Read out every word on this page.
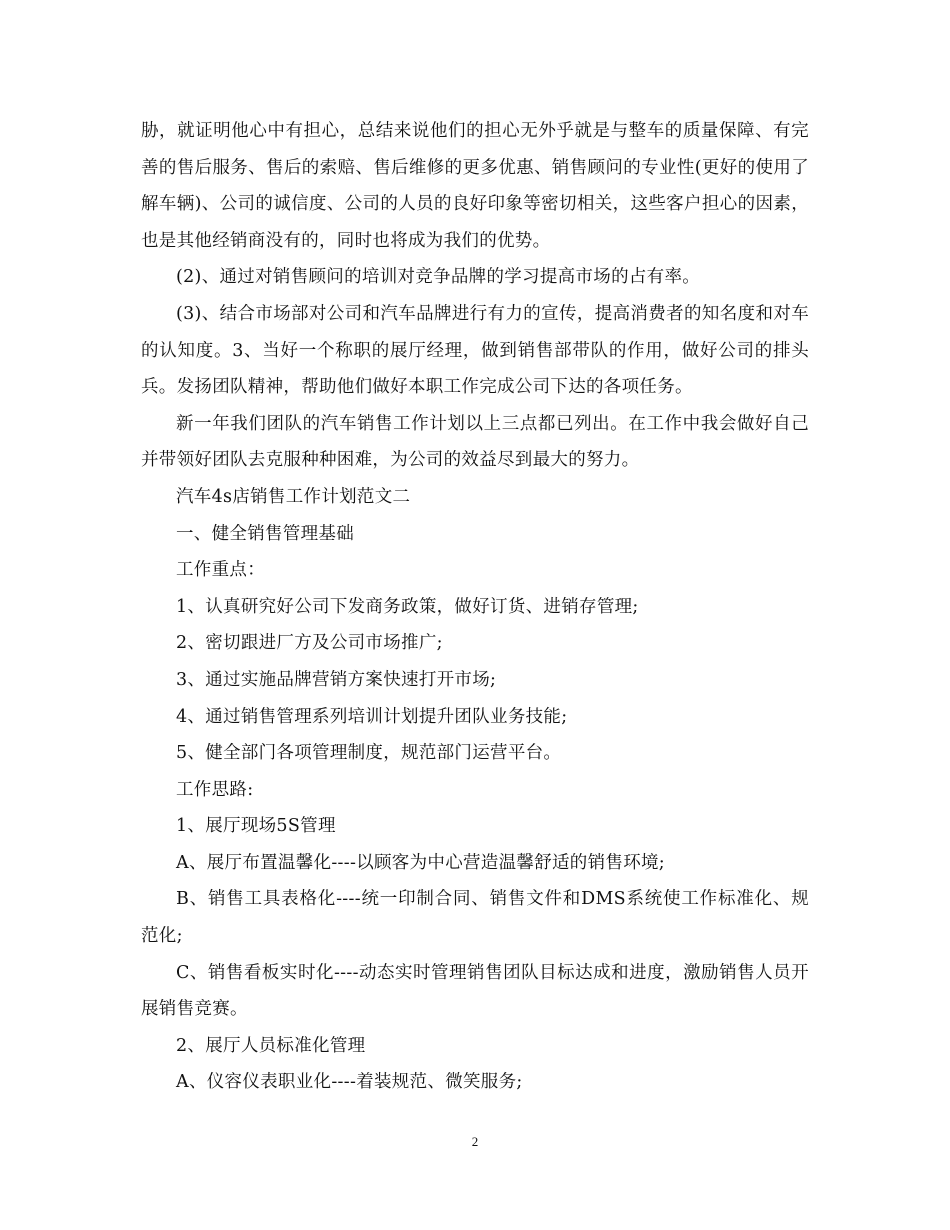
胁，就证明他心中有担心，总结来说他们的担心无外乎就是与整车的质量保障、有完善的售后服务、售后的索赔、售后维修的更多优惠、销售顾问的专业性(更好的使用了解车辆)、公司的诚信度、公司的人员的良好印象等密切相关，这些客户担心的因素，也是其他经销商没有的，同时也将成为我们的优势。

(2)、通过对销售顾问的培训对竞争品牌的学习提高市场的占有率。

(3)、结合市场部对公司和汽车品牌进行有力的宣传，提高消费者的知名度和对车的认知度。3、当好一个称职的展厅经理，做到销售部带队的作用，做好公司的排头兵。发扬团队精神，帮助他们做好本职工作完成公司下达的各项任务。

新一年我们团队的汽车销售工作计划以上三点都已列出。在工作中我会做好自己并带领好团队去克服种种困难，为公司的效益尽到最大的努力。

汽车4s店销售工作计划范文二

一、健全销售管理基础

工作重点：

1、认真研究好公司下发商务政策，做好订货、进销存管理;

2、密切跟进厂方及公司市场推广;

3、通过实施品牌营销方案快速打开市场;

4、通过销售管理系列培训计划提升团队业务技能;

5、健全部门各项管理制度，规范部门运营平台。

工作思路:

1、展厅现场5S管理

A、展厅布置温馨化----以顾客为中心营造温馨舒适的销售环境;

B、销售工具表格化----统一印制合同、销售文件和DMS系统使工作标准化、规范化;

C、销售看板实时化----动态实时管理销售团队目标达成和进度，激励销售人员开展销售竞赛。

2、展厅人员标准化管理

A、仪容仪表职业化----着装规范、微笑服务;

2
